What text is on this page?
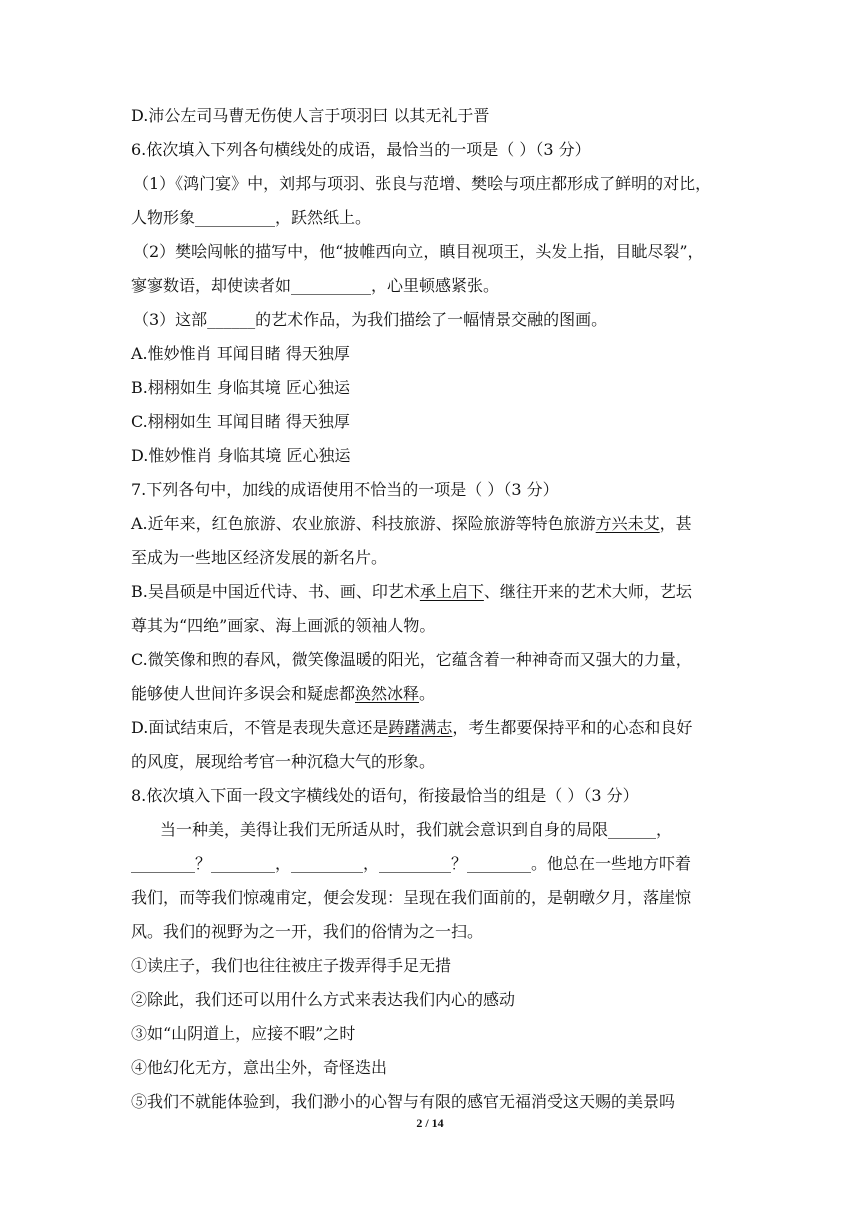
D.沛公左司马曹无伤使人言于项羽曰 以其无礼于晋
6.依次填入下列各句横线处的成语，最恰当的一项是（ ）（3 分）
（1）《鸿门宴》中，刘邦与项羽、张良与范增、樊哙与项庄都形成了鲜明的对比，
人物形象__________，跃然纸上。
（2）樊哙闯帐的描写中，他“披帷西向立，瞋目视项王，头发上指，目眦尽裂”，
寥寥数语，却使读者如__________，心里顿感紧张。
（3）这部______的艺术作品，为我们描绘了一幅情景交融的图画。
A.惟妙惟肖 耳闻目睹 得天独厚
B.栩栩如生 身临其境 匠心独运
C.栩栩如生 耳闻目睹 得天独厚
D.惟妙惟肖 身临其境 匠心独运
7.下列各句中，加线的成语使用不恰当的一项是（ ）（3 分）
A.近年来，红色旅游、农业旅游、科技旅游、探险旅游等特色旅游方兴未艾，甚
至成为一些地区经济发展的新名片。
B.吴昌硕是中国近代诗、书、画、印艺术承上启下、继往开来的艺术大师，艺坛
尊其为“四绝”画家、海上画派的领袖人物。
C.微笑像和煦的春风，微笑像温暖的阳光，它蕴含着一种神奇而又强大的力量，
能够使人世间许多误会和疑虑都涣然冰释。
D.面试结束后，不管是表现失意还是踌躇满志，考生都要保持平和的心态和良好
的风度，展现给考官一种沉稳大气的形象。
8.依次填入下面一段文字横线处的语句，衔接最恰当的组是（ ）（3 分）
当一种美，美得让我们无所适从时，我们就会意识到自身的局限______，
________？________，_________，_________？________。他总在一些地方吓着
我们，而等我们惊魂甫定，便会发现：呈现在我们面前的，是朝暾夕月，落崖惊
风。我们的视野为之一开，我们的俗情为之一扫。
①读庄子，我们也往往被庄子拨弄得手足无措
②除此，我们还可以用什么方式来表达我们内心的感动
③如“山阴道上，应接不暇”之时
④他幻化无方，意出尘外，奇怪迭出
⑤我们不就能体验到，我们渺小的心智与有限的感官无福消受这天赐的美景吗
2 / 14
